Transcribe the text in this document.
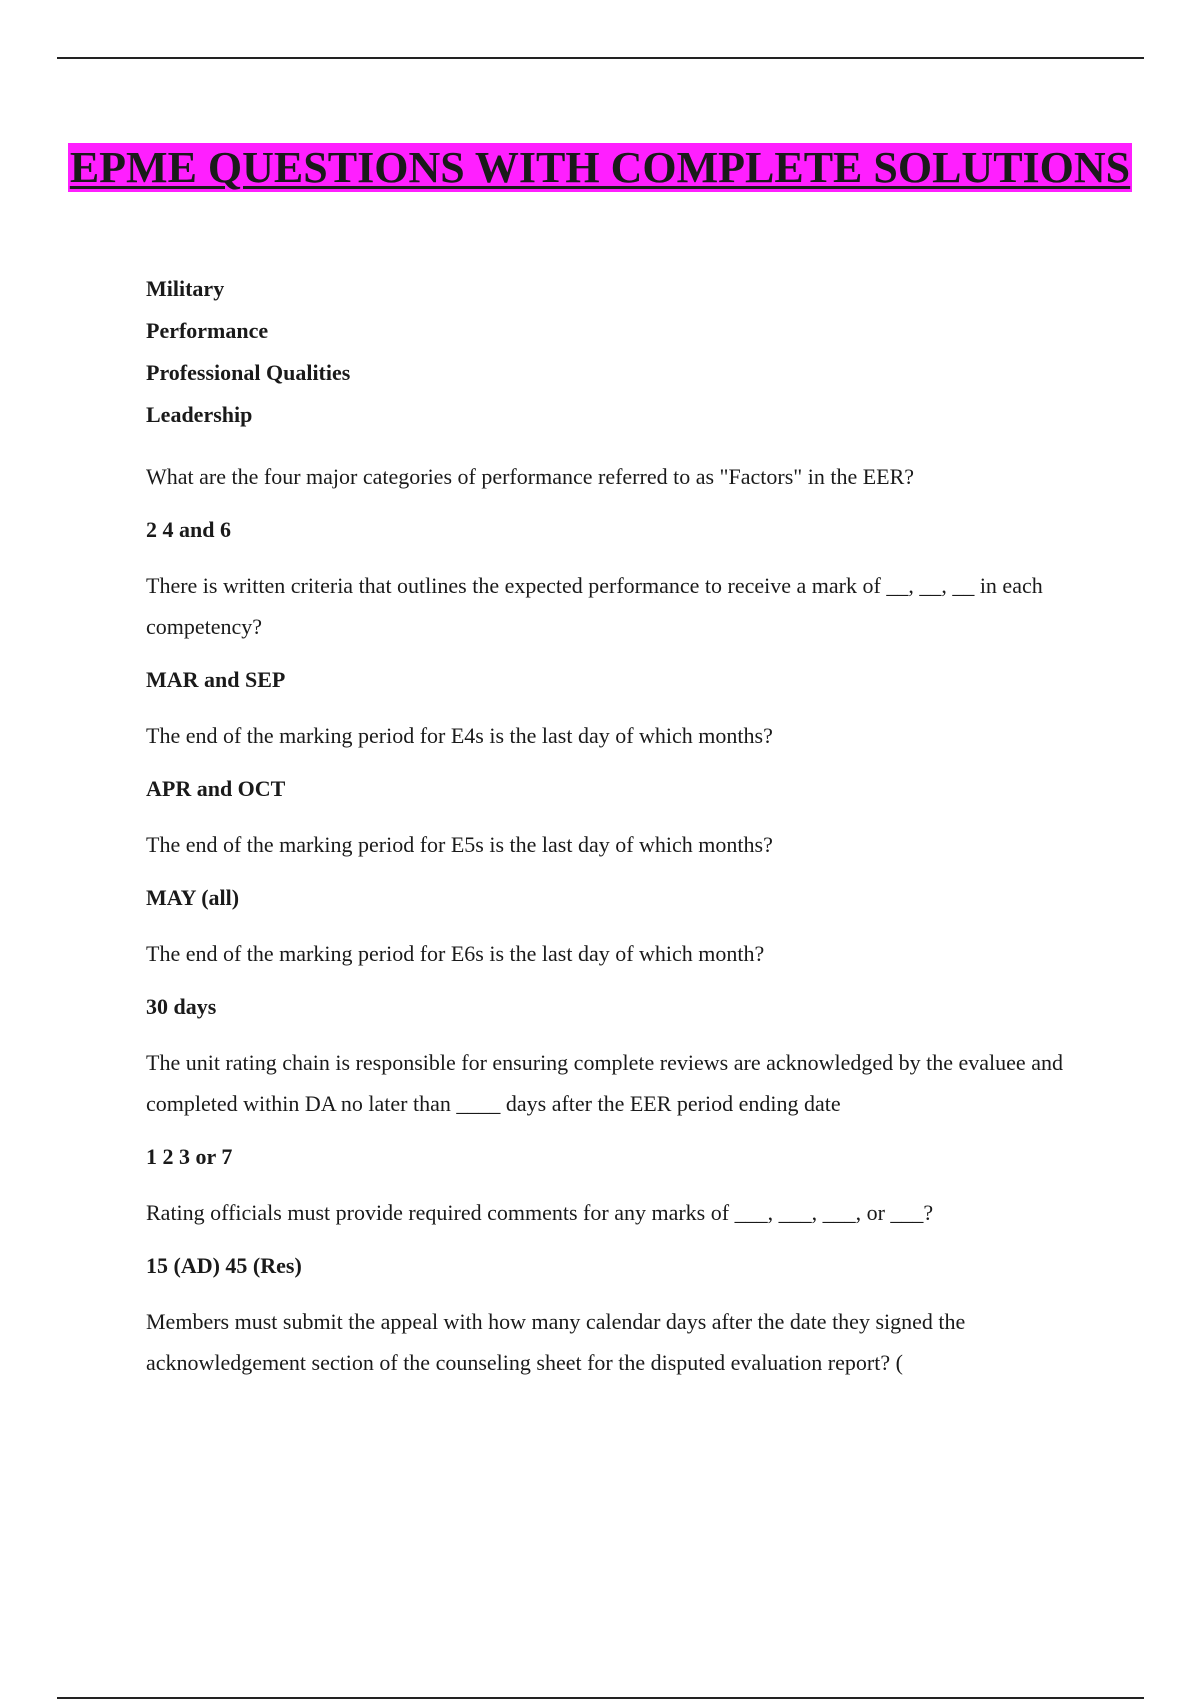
EPME QUESTIONS WITH COMPLETE SOLUTIONS
Military
Performance
Professional Qualities
Leadership

What are the four major categories of performance referred to as "Factors" in the EER?

2 4 and 6

There is written criteria that outlines the expected performance to receive a mark of __, __, __ in each competency?

MAR and SEP

The end of the marking period for E4s is the last day of which months?

APR and OCT

The end of the marking period for E5s is the last day of which months?

MAY (all)

The end of the marking period for E6s is the last day of which month?

30 days

The unit rating chain is responsible for ensuring complete reviews are acknowledged by the evaluee and completed within DA no later than ____ days after the EER period ending date

1 2 3 or 7

Rating officials must provide required comments for any marks of ___, ___, ___, or ___?

15 (AD) 45 (Res)

Members must submit the appeal with how many calendar days after the date they signed the acknowledgement section of the counseling sheet for the disputed evaluation report? (
